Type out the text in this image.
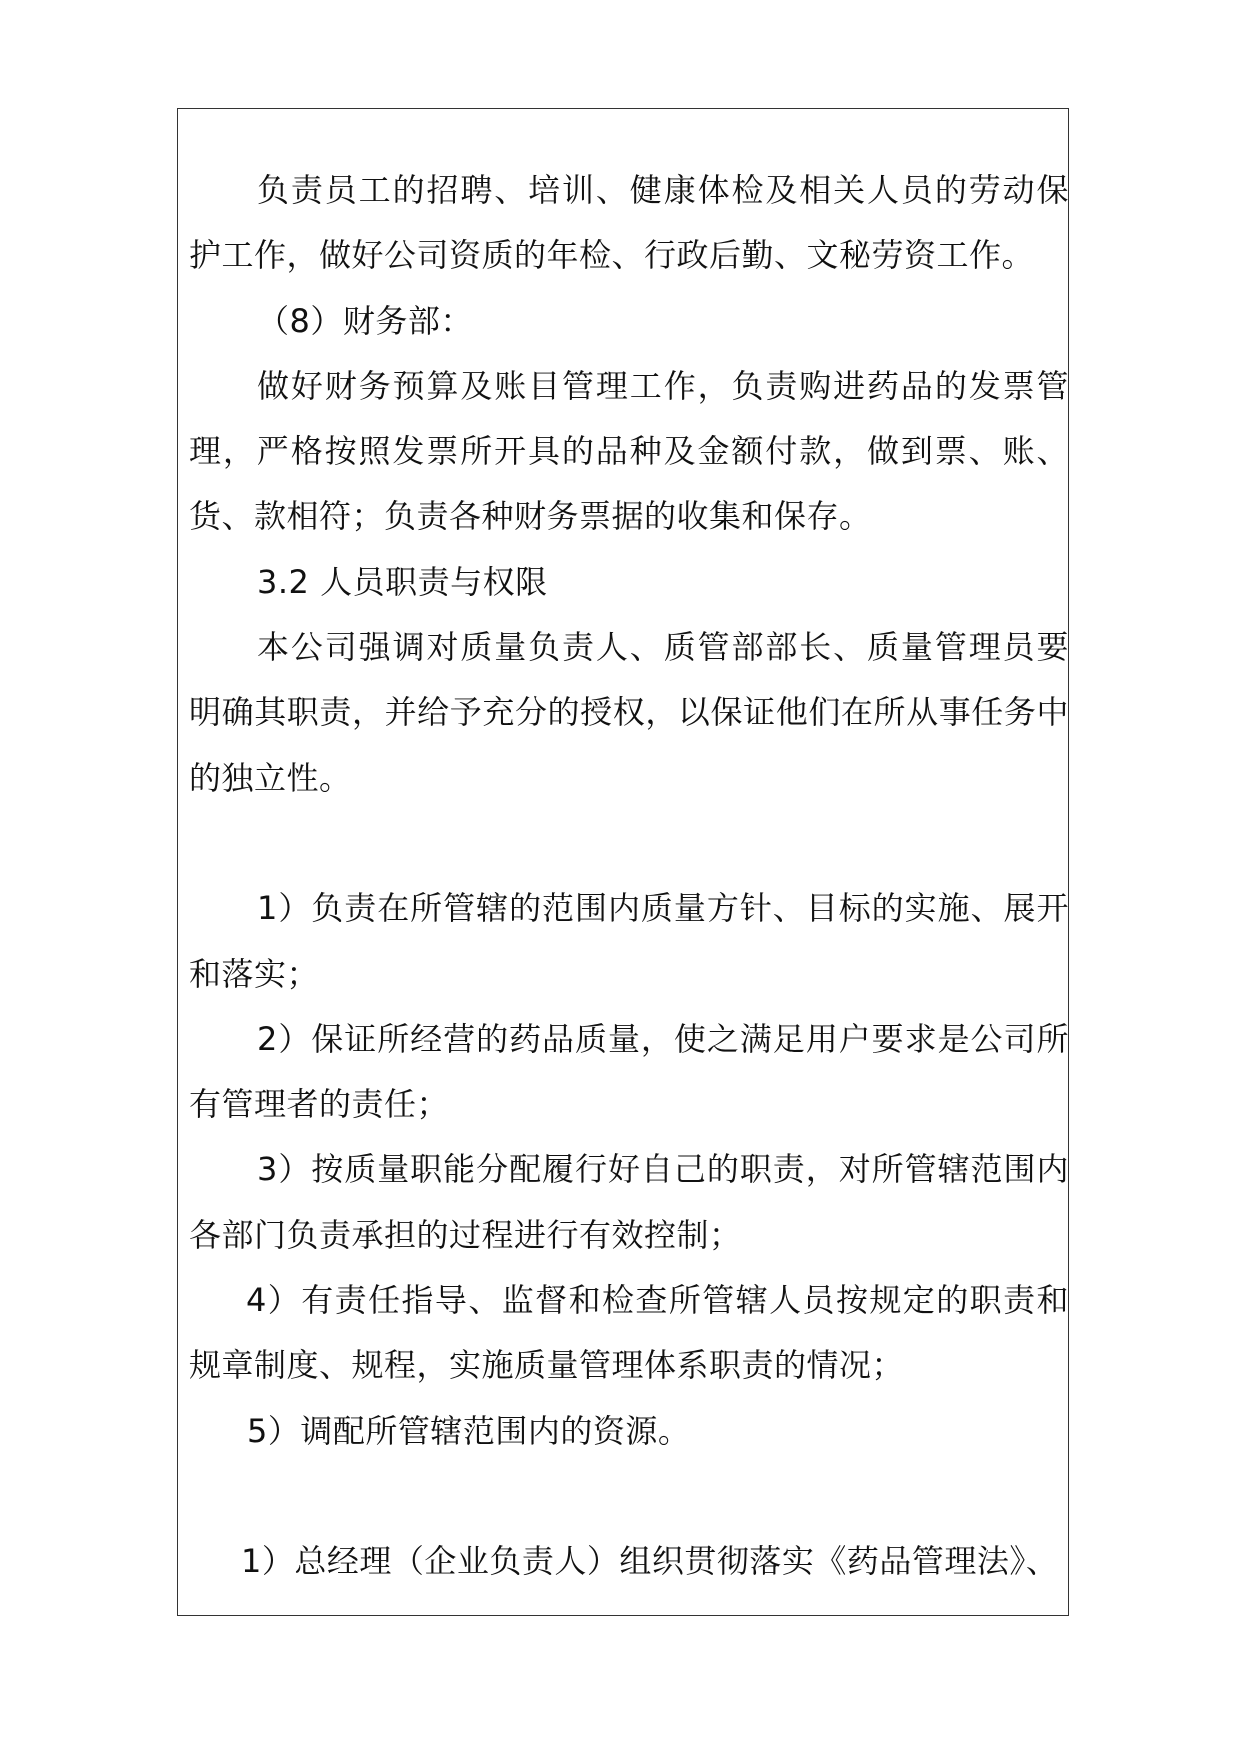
负责员工的招聘、培训、健康体检及相关人员的劳动保护工作，做好公司资质的年检、行政后勤、文秘劳资工作。

（8）财务部：

做好财务预算及账目管理工作，负责购进药品的发票管理，严格按照发票所开具的品种及金额付款，做到票、账、货、款相符；负责各种财务票据的收集和保存。

3.2 人员职责与权限

本公司强调对质量负责人、质管部部长、质量管理员要明确其职责，并给予充分的授权，以保证他们在所从事任务中的独立性。

1）负责在所管辖的范围内质量方针、目标的实施、展开和落实；

2）保证所经营的药品质量，使之满足用户要求是公司所有管理者的责任；

3）按质量职能分配履行好自己的职责，对所管辖范围内各部门负责承担的过程进行有效控制；

4）有责任指导、监督和检查所管辖人员按规定的职责和规章制度、规程，实施质量管理体系职责的情况；

5）调配所管辖范围内的资源。

1）总经理（企业负责人）组织贯彻落实《药品管理法》、
